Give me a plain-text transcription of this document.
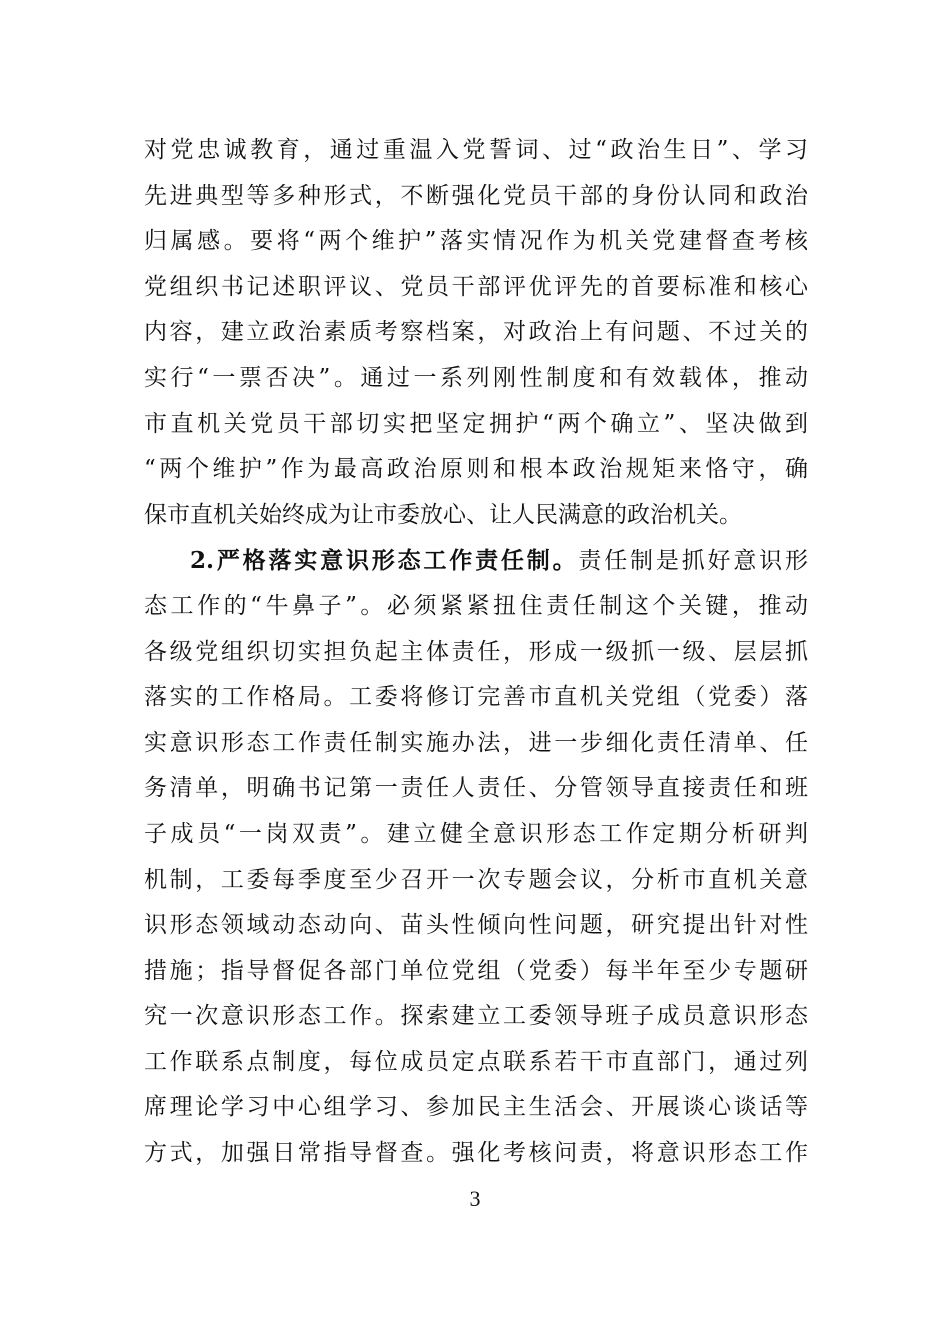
对党忠诚教育，通过重温入党誓词、过“政治生日”、学习
先进典型等多种形式，不断强化党员干部的身份认同和政治
归属感。要将“两个维护”落实情况作为机关党建督查考核
党组织书记述职评议、党员干部评优评先的首要标准和核心
内容，建立政治素质考察档案，对政治上有问题、不过关的
实行“一票否决”。通过一系列刚性制度和有效载体，推动
市直机关党员干部切实把坚定拥护“两个确立”、坚决做到
“两个维护”作为最高政治原则和根本政治规矩来恪守，确
保市直机关始终成为让市委放心、让人民满意的政治机关。
2.严格落实意识形态工作责任制。责任制是抓好意识形
态工作的“牛鼻子”。必须紧紧扭住责任制这个关键，推动
各级党组织切实担负起主体责任，形成一级抓一级、层层抓
落实的工作格局。工委将修订完善市直机关党组（党委）落
实意识形态工作责任制实施办法，进一步细化责任清单、任
务清单，明确书记第一责任人责任、分管领导直接责任和班
子成员“一岗双责”。建立健全意识形态工作定期分析研判
机制，工委每季度至少召开一次专题会议，分析市直机关意
识形态领域动态动向、苗头性倾向性问题，研究提出针对性
措施；指导督促各部门单位党组（党委）每半年至少专题研
究一次意识形态工作。探索建立工委领导班子成员意识形态
工作联系点制度，每位成员定点联系若干市直部门，通过列
席理论学习中心组学习、参加民主生活会、开展谈心谈话等
方式，加强日常指导督查。强化考核问责，将意识形态工作
3
